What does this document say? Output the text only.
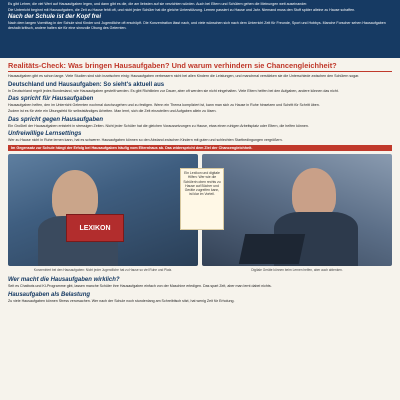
Es gibt Lehrer, die viel Wert auf Hausaufgaben legen, und dann gibt es die, die am liebsten auf sie verzichten würden. Auch bei Eltern und Schülern gehen die Meinungen weit auseinander.

Die Unterricht beginnt mit Hausaufgaben, die Zeit zu Hause fehlt oft, und nicht jeder Schüler hat die gleiche Unterstützung. Lernen passiert zu Hause und Jahr. Niemand muss den Stoff später alleine zu Hause schaffen.

Nach der Schule ist der Kopf frei

Nach dem langen Vormittag in der Schule sind Kinder und Jugendliche oft erschöpft. Die Konzentration lässt nach, und viele wünschen sich nach dem Unterricht Zeit für Freunde, Sport und Hobbys. Manche Forscher sehen Hausaufgaben deshalb kritisch, andere halten sie für eine sinnvolle Übung des Gelernten.

Realitäts-Check: Was bringen Hausaufgaben? Und warum verhindern sie Chancengleichheit?

Hausaufgaben gibt es schon lange. Viele Studien sind sich inzwischen einig: Hausaufgaben verbessern nicht bei allen Kindern die Leistungen, und manchmal verstärken sie die Unterschiede zwischen den Schülern sogar.

Deutschland und Hausaufgaben: So sieht's aktuell aus

In Deutschland regelt jedes Bundesland, wie Hausaufgaben gestellt werden. Es gibt Richtlinien zur Dauer, aber oft werden sie nicht eingehalten. Viele Eltern helfen bei den Aufgaben, andere können das nicht.

Das spricht für Hausaufgaben

Hausaufgaben helfen, den im Unterricht Gelernten nochmal durchzugehen und zu festigen. Wenn ein Thema kompliziert ist, kann man sich zu Hause in Ruhe hinsetzen und Schritt für Schritt üben.

Zudem ist es für viele ein Übungsfeld für selbstständiges Arbeiten. Man lernt, sich die Zeit einzuteilen und Aufgaben allein zu lösen.

Das spricht gegen Hausaufgaben

Ein Großteil der Hausaufgaben entsteht in stressigen Zeiten. Nicht jeder Schüler hat die gleichen Voraussetzungen zu Hause, etwa einen ruhigen Arbeitsplatz oder Eltern, die helfen können.

Unfreiwillige Lernsettings

Wer zu Hause nicht in Ruhe lernen kann, hat es schwerer. Hausaufgaben können so den Abstand zwischen Kindern mit guten und schlechten Startbedingungen vergrößern.

Im Gegensatz zur Schule hängt der Erfolg bei Hausaufgaben häufig vom Elternhaus ab. Das widerspricht dem Ziel der Chancengleichheit.
LEXIKON
Ein Lexikon und digitale Hilfen: Wer wie die Schülerin oben rechts zu Hause auf Bücher und Geräte zugreifen kann, ist klar im Vorteil.
Konzentriert bei den Hausaufgaben: Nicht jeder Jugendliche hat zu Hause so viel Ruhe und Platz.	Digitale Geräte können beim Lernen helfen, aber auch ablenken.
Wer macht die Hausaufgaben wirklich?

Seit es Chatbots und KI-Programme gibt, lassen manche Schüler ihre Hausaufgaben einfach von der Maschine erledigen. Das spart Zeit, aber man lernt dabei nichts.

Hausaufgaben als Belastung

Zu viele Hausaufgaben können Stress verursachen. Wer nach der Schule noch stundenlang am Schreibtisch sitzt, hat wenig Zeit für Erholung.
